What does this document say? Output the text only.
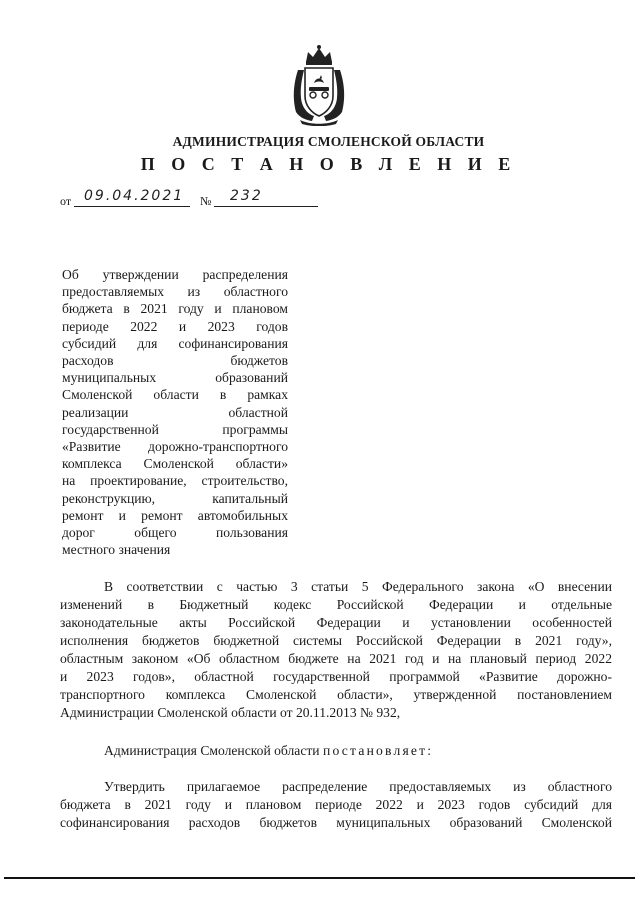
АДМИНИСТРАЦИЯ СМОЛЕНСКОЙ ОБЛАСТИ
П О С Т А Н О В Л Е Н И Е
от 09.04.2021 № 232
Об утверждении распределения
предоставляемых из областного
бюджета в 2021 году и плановом
периоде 2022 и 2023 годов
субсидий для софинансирования
расходов бюджетов
муниципальных образований
Смоленской области в рамках
реализации областной
государственной программы
«Развитие дорожно-транспортного
комплекса Смоленской области»
на проектирование, строительство,
реконструкцию, капитальный
ремонт и ремонт автомобильных
дорог общего пользования
местного значения
В соответствии с частью 3 статьи 5 Федерального закона «О внесении
изменений в Бюджетный кодекс Российской Федерации и отдельные
законодательные акты Российской Федерации и установлении особенностей
исполнения бюджетов бюджетной системы Российской Федерации в 2021 году»,
областным законом «Об областном бюджете на 2021 год и на плановый период 2022
и 2023 годов», областной государственной программой «Развитие дорожно-
транспортного комплекса Смоленской области», утвержденной постановлением
Администрации Смоленской области от 20.11.2013 № 932,
Администрация Смоленской области постановляет:
Утвердить прилагаемое распределение предоставляемых из областного
бюджета в 2021 году и плановом периоде 2022 и 2023 годов субсидий для
софинансирования расходов бюджетов муниципальных образований Смоленской
